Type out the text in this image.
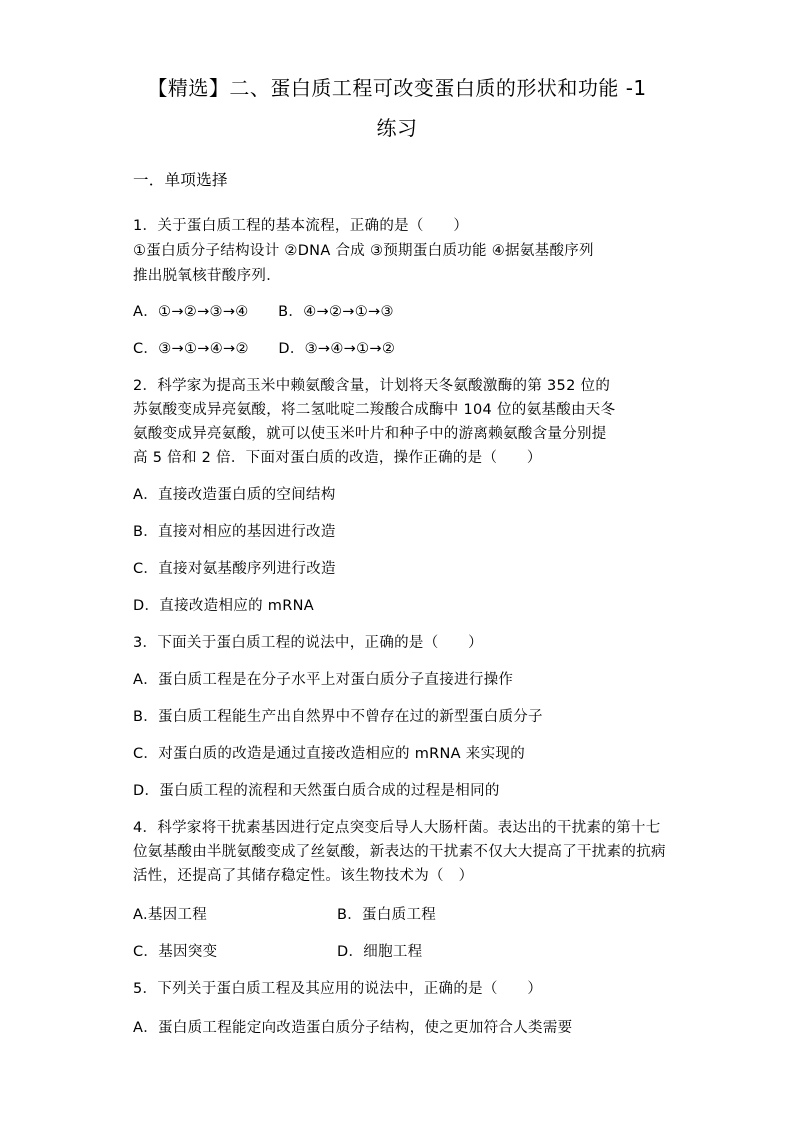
【精选】二、蛋白质工程可改变蛋白质的形状和功能 -1
练习
一．单项选择
1．关于蛋白质工程的基本流程，正确的是（　　）
①蛋白质分子结构设计 ②DNA 合成 ③预期蛋白质功能 ④据氨基酸序列
推出脱氧核苷酸序列．
A．①→②→③→④　　B．④→②→①→③
C．③→①→④→②　　D．③→④→①→②
2．科学家为提高玉米中赖氨酸含量，计划将天冬氨酸激酶的第 352 位的
苏氨酸变成异亮氨酸，将二氢吡啶二羧酸合成酶中 104 位的氨基酸由天冬
氨酸变成异亮氨酸，就可以使玉米叶片和种子中的游离赖氨酸含量分别提
高 5 倍和 2 倍．下面对蛋白质的改造，操作正确的是（　　）
A．直接改造蛋白质的空间结构
B．直接对相应的基因进行改造
C．直接对氨基酸序列进行改造
D．直接改造相应的 mRNA
3．下面关于蛋白质工程的说法中，正确的是（　　）
A．蛋白质工程是在分子水平上对蛋白质分子直接进行操作
B．蛋白质工程能生产出自然界中不曾存在过的新型蛋白质分子
C．对蛋白质的改造是通过直接改造相应的 mRNA 来实现的
D．蛋白质工程的流程和天然蛋白质合成的过程是相同的
4．科学家将干扰素基因进行定点突变后导人大肠杆菌。表达出的干扰素的第十七
位氨基酸由半胱氨酸变成了丝氨酸，新表达的干扰素不仅大大提高了干扰素的抗病
活性，还提高了其储存稳定性。该生物技术为（　）
A.基因工程	B．蛋白质工程
C．基因突变	D．细胞工程
5．下列关于蛋白质工程及其应用的说法中，正确的是（　　）
A．蛋白质工程能定向改造蛋白质分子结构，使之更加符合人类需要
